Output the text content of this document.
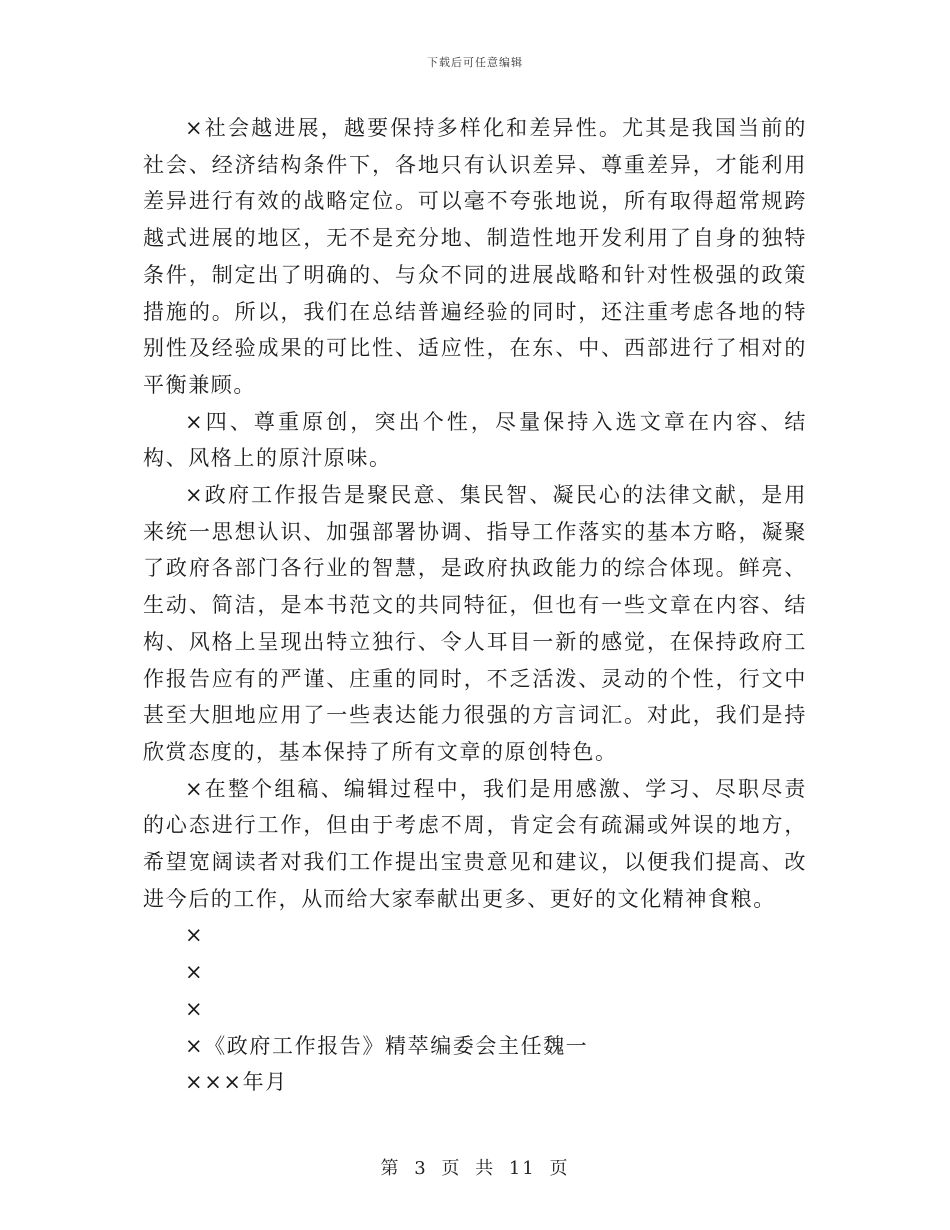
下载后可任意编辑

×社会越进展，越要保持多样化和差异性。尤其是我国当前的社会、经济结构条件下，各地只有认识差异、尊重差异，才能利用差异进行有效的战略定位。可以毫不夸张地说，所有取得超常规跨越式进展的地区，无不是充分地、制造性地开发利用了自身的独特条件，制定出了明确的、与众不同的进展战略和针对性极强的政策措施的。所以，我们在总结普遍经验的同时，还注重考虑各地的特别性及经验成果的可比性、适应性，在东、中、西部进行了相对的平衡兼顾。

×四、尊重原创，突出个性，尽量保持入选文章在内容、结构、风格上的原汁原味。

×政府工作报告是聚民意、集民智、凝民心的法律文献，是用来统一思想认识、加强部署协调、指导工作落实的基本方略，凝聚了政府各部门各行业的智慧，是政府执政能力的综合体现。鲜亮、生动、简洁，是本书范文的共同特征，但也有一些文章在内容、结构、风格上呈现出特立独行、令人耳目一新的感觉，在保持政府工作报告应有的严谨、庄重的同时，不乏活泼、灵动的个性，行文中甚至大胆地应用了一些表达能力很强的方言词汇。对此，我们是持欣赏态度的，基本保持了所有文章的原创特色。

×在整个组稿、编辑过程中，我们是用感激、学习、尽职尽责的心态进行工作，但由于考虑不周，肯定会有疏漏或舛误的地方，希望宽阔读者对我们工作提出宝贵意见和建议，以便我们提高、改进今后的工作，从而给大家奉献出更多、更好的文化精神食粮。

×

×

×

×《政府工作报告》精萃编委会主任魏一

×××年月

第 3 页 共 11 页
